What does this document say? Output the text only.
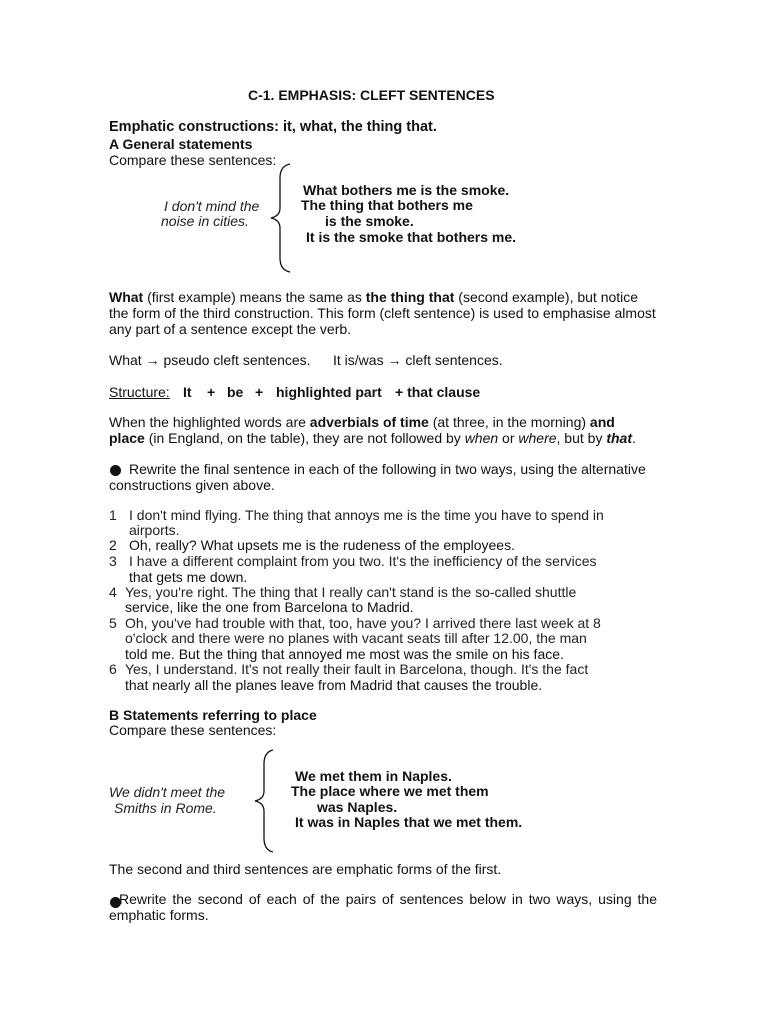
C-1. EMPHASIS: CLEFT SENTENCES
Emphatic constructions: it, what, the thing that.
A General statements
Compare these sentences:
I don't mind the
noise in cities.
What bothers me is the smoke.
The thing that bothers me
is the smoke.
It is the smoke that bothers me.
What (first example) means the same as the thing that (second example), but notice the form of the third construction. This form (cleft sentence) is used to emphasise almost any part of a sentence except the verb.
What → pseudo cleft sentences. It is/was → cleft sentences.
Structure: It + be + highlighted part + that clause
When the highlighted words are adverbials of time (at three, in the morning) and place (in England, on the table), they are not followed by when or where, but by that.
Rewrite the final sentence in each of the following in two ways, using the alternative constructions given above.
1 I don't mind flying. The thing that annoys me is the time you have to spend in
airports.
2 Oh, really? What upsets me is the rudeness of the employees.
3 I have a different complaint from you two. It's the inefficiency of the services
that gets me down.
4 Yes, you're right. The thing that I really can't stand is the so-called shuttle
service, like the one from Barcelona to Madrid.
5 Oh, you've had trouble with that, too, have you? I arrived there last week at 8
o'clock and there were no planes with vacant seats till after 12.00, the man
told me. But the thing that annoyed me most was the smile on his face.
6 Yes, I understand. It's not really their fault in Barcelona, though. It's the fact
that nearly all the planes leave from Madrid that causes the trouble.
B Statements referring to place
Compare these sentences:
We didn't meet the
Smiths in Rome.
We met them in Naples.
The place where we met them
was Naples.
It was in Naples that we met them.
The second and third sentences are emphatic forms of the first.
Rewrite the second of each of the pairs of sentences below in two ways, using the emphatic forms.
